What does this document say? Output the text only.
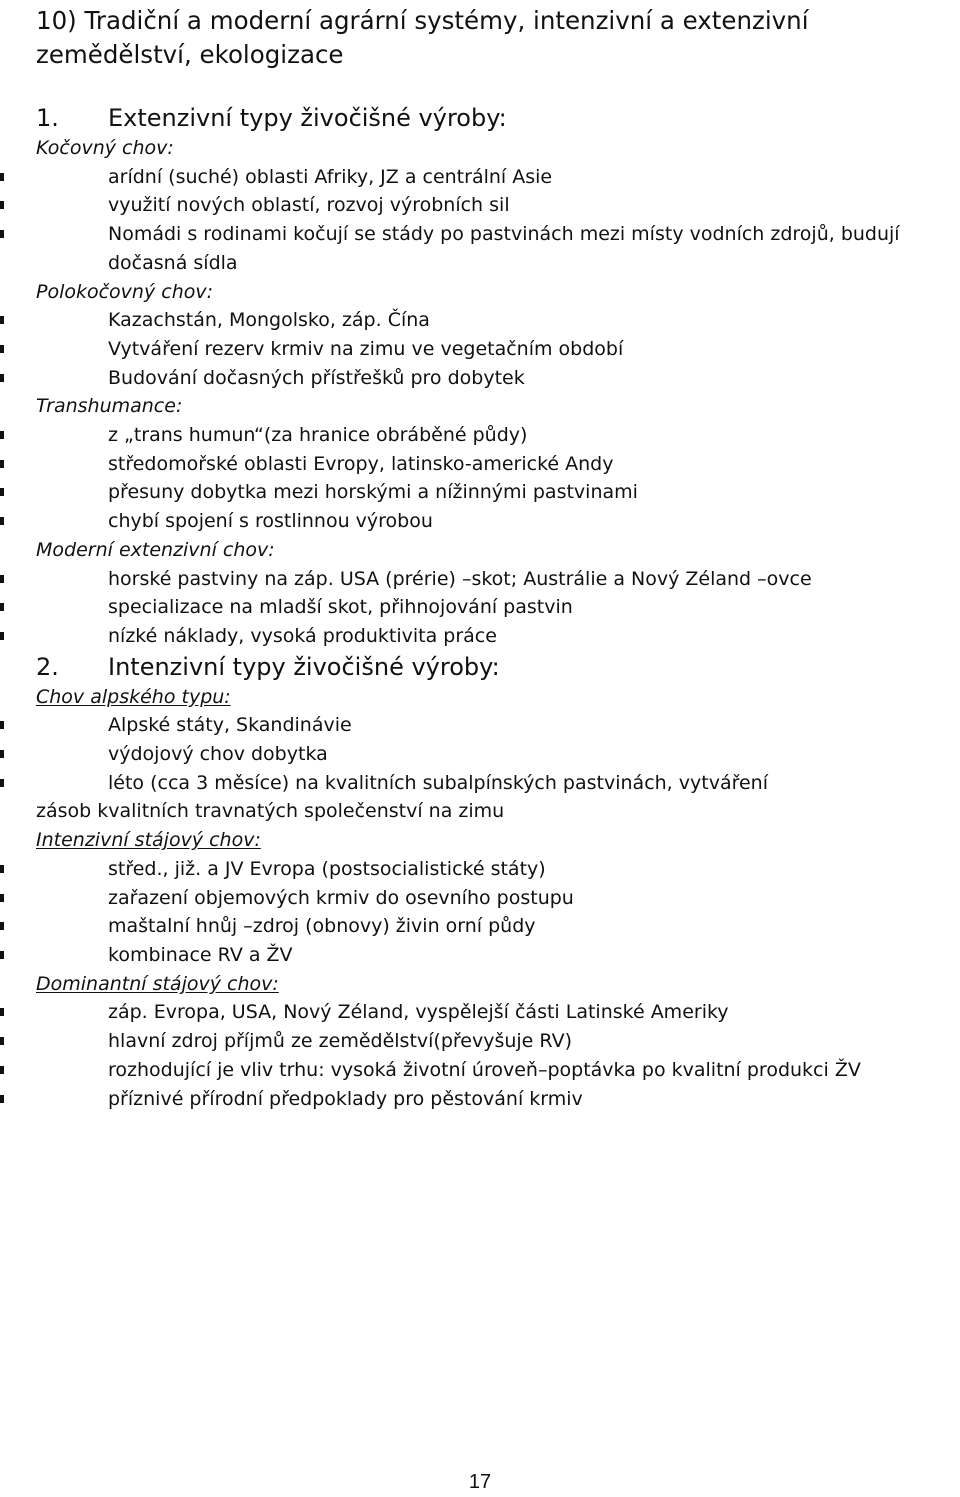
10) Tradiční a moderní agrární systémy, intenzivní a extenzivní zemědělství, ekologizace
1. Extenzivní typy živočišné výroby:
Kočovný chov:
arídní (suché) oblasti Afriky, JZ a centrální Asie
využití nových oblastí, rozvoj výrobních sil
Nomádi s rodinami kočují se stády po pastvinách mezi místy vodních zdrojů, budují dočasná sídla
Polokočovný chov:
Kazachstán, Mongolsko, záp. Čína
Vytváření rezerv krmiv na zimu ve vegetačním období
Budování dočasných přístřešků pro dobytek
Transhumance:
z „trans humun“(za hranice obráběné půdy)
středomořské oblasti Evropy, latinsko-americké Andy
přesuny dobytka mezi horskými a nížinnými pastvinami
chybí spojení s rostlinnou výrobou
Moderní extenzivní chov:
horské pastviny na záp. USA (prérie) –skot; Austrálie a Nový Zéland –ovce
specializace na mladší skot, přihnojování pastvin
nízké náklady, vysoká produktivita práce
2. Intenzivní typy živočišné výroby:
Chov alpského typu:
Alpské státy, Skandinávie
výdojový chov dobytka
léto (cca 3 měsíce) na kvalitních subalpínských pastvinách, vytváření
zásob kvalitních travnatých společenství na zimu
Intenzivní stájový chov:
střed., již. a JV Evropa (postsocialistické státy)
zařazení objemových krmiv do osevního postupu
maštalní hnůj –zdroj (obnovy) živin orní půdy
kombinace RV a ŽV
Dominantní stájový chov:
záp. Evropa, USA, Nový Zéland, vyspělejší části Latinské Ameriky
hlavní zdroj příjmů ze zemědělství(převyšuje RV)
rozhodující je vliv trhu: vysoká životní úroveň–poptávka po kvalitní produkci ŽV
příznivé přírodní předpoklady pro pěstování krmiv
17
